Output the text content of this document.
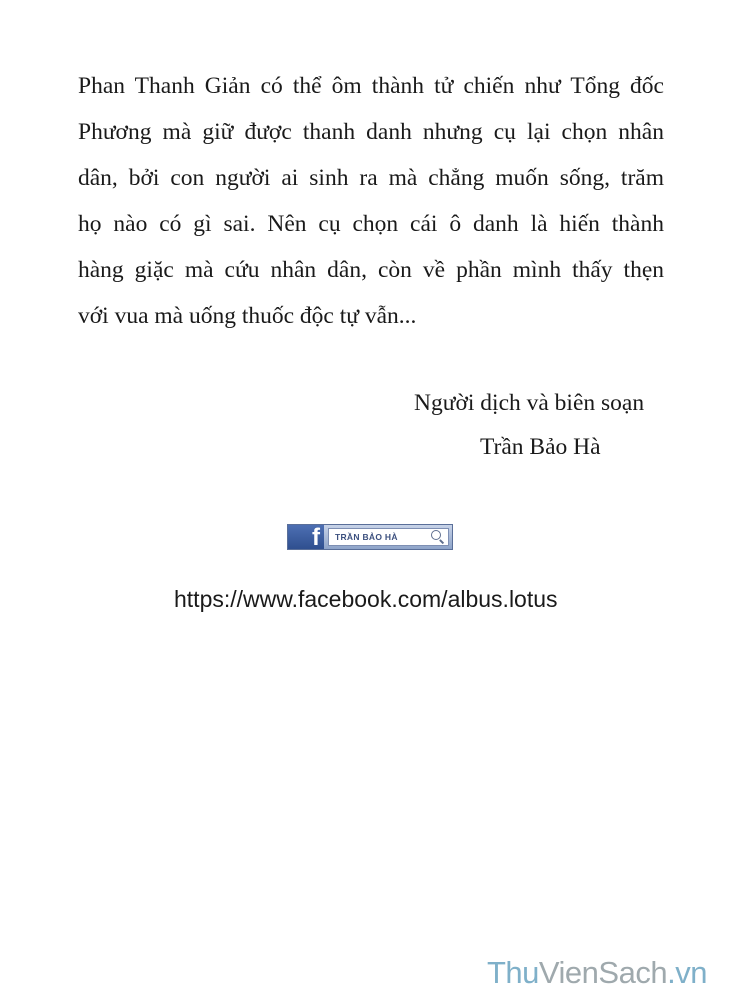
Phan Thanh Giản có thể ôm thành tử chiến như Tổng đốc
Phương mà giữ được thanh danh nhưng cụ lại chọn nhân
dân, bởi con người ai sinh ra mà chẳng muốn sống, trăm
họ nào có gì sai. Nên cụ chọn cái ô danh là hiến thành
hàng giặc mà cứu nhân dân, còn về phần mình thấy thẹn
với vua mà uống thuốc độc tự vẫn...
Người dịch và biên soạn
Trần Bảo Hà
f	TRẦN BẢO HÀ
https://www.facebook.com/albus.lotus
ThuVienSach.vn
